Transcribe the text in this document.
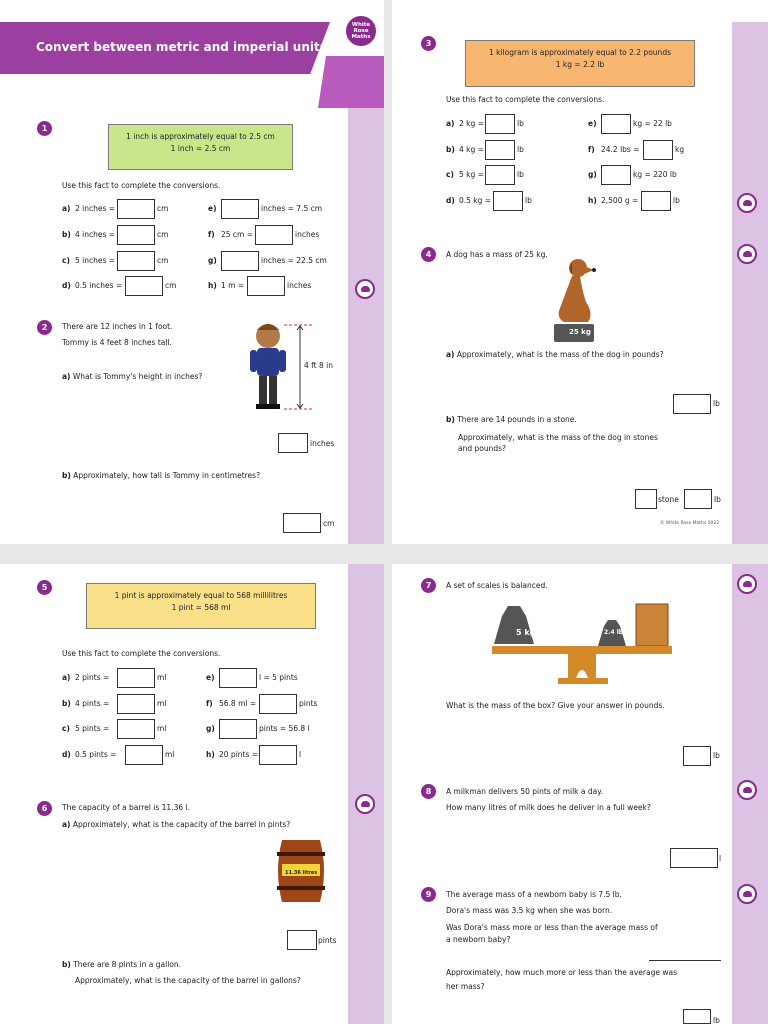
Convert between metric and imperial units
White
Rose
Maths
1
1 inch is approximately equal to 2.5 cm
1 inch = 2.5 cm
Use this fact to complete the conversions.
a) 2 inches =	cm
b) 4 inches =	cm
c) 5 inches =	cm
d) 0.5 inches =	cm
e)	inches = 7.5 cm
f) 25 cm =	inches
g)	inches = 22.5 cm
h) 1 m =	inches
2	There are 12 inches in 1 foot.
Tommy is 4 feet 8 inches tall.
a) What is Tommy's height in inches?
4 ft 8 in
inches
b) Approximately, how tall is Tommy in centimetres?
cm
3
1 kilogram is approximately equal to 2.2 pounds
1 kg = 2.2 lb
Use this fact to complete the conversions.
a) 2 kg =	lb
b) 4 kg =	lb
c) 5 kg =	lb
d) 0.5 kg =	lb
e)	kg = 22 lb
f) 24.2 lbs =	kg
g)	kg = 220 lb
h) 2,500 g =	lb
4	A dog has a mass of 25 kg.
25 kg
a) Approximately, what is the mass of the dog in pounds?
lb
b) There are 14 pounds in a stone.
Approximately, what is the mass of the dog in stones
and pounds?
stone	lb
© White Rose Maths 2022
5
1 pint is approximately equal to 568 millilitres
1 pint = 568 ml
Use this fact to complete the conversions.
a) 2 pints =	ml
b) 4 pints =	ml
c) 5 pints =	ml
d) 0.5 pints =	ml
e)	l = 5 pints
f) 56.8 ml =	pints
g)	pints = 56.8 l
h) 20 pints =	l
6	The capacity of a barrel is 11.36 l.
a) Approximately, what is the capacity of the barrel in pints?
11.36 litres
pints
b) There are 8 pints in a gallon.
Approximately, what is the capacity of the barrel in gallons?
7	A set of scales is balanced.
5 kg	2.4 lb
What is the mass of the box? Give your answer in pounds.
lb
8	A milkman delivers 50 pints of milk a day.
How many litres of milk does he deliver in a full week?
l
9	The average mass of a newborn baby is 7.5 lb.
Dora's mass was 3.5 kg when she was born.
Was Dora's mass more or less than the average mass of
a newborn baby?
Approximately, how much more or less than the average was
her mass?
lb
